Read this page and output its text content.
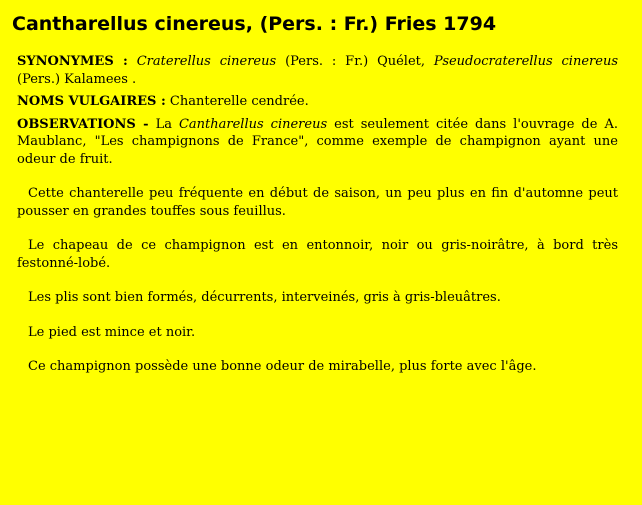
Cantharellus cinereus, (Pers. : Fr.) Fries 1794

SYNONYMES : Craterellus cinereus (Pers. : Fr.) Quélet, Pseudocraterellus cinereus (Pers.) Kalamees .

NOMS VULGAIRES : Chanterelle cendrée.

OBSERVATIONS - La Cantharellus cinereus est seulement citée dans l'ouvrage de A. Maublanc, "Les champignons de France", comme exemple de champignon ayant une odeur de fruit.

Cette chanterelle peu fréquente en début de saison, un peu plus en fin d'automne peut pousser en grandes touffes sous feuillus.

Le chapeau de ce champignon est en entonnoir, noir ou gris-noirâtre, à bord très festonné-lobé.

Les plis sont bien formés, décurrents, interveinés, gris à gris-bleuâtres.

Le pied est mince et noir.

Ce champignon possède une bonne odeur de mirabelle, plus forte avec l'âge.
